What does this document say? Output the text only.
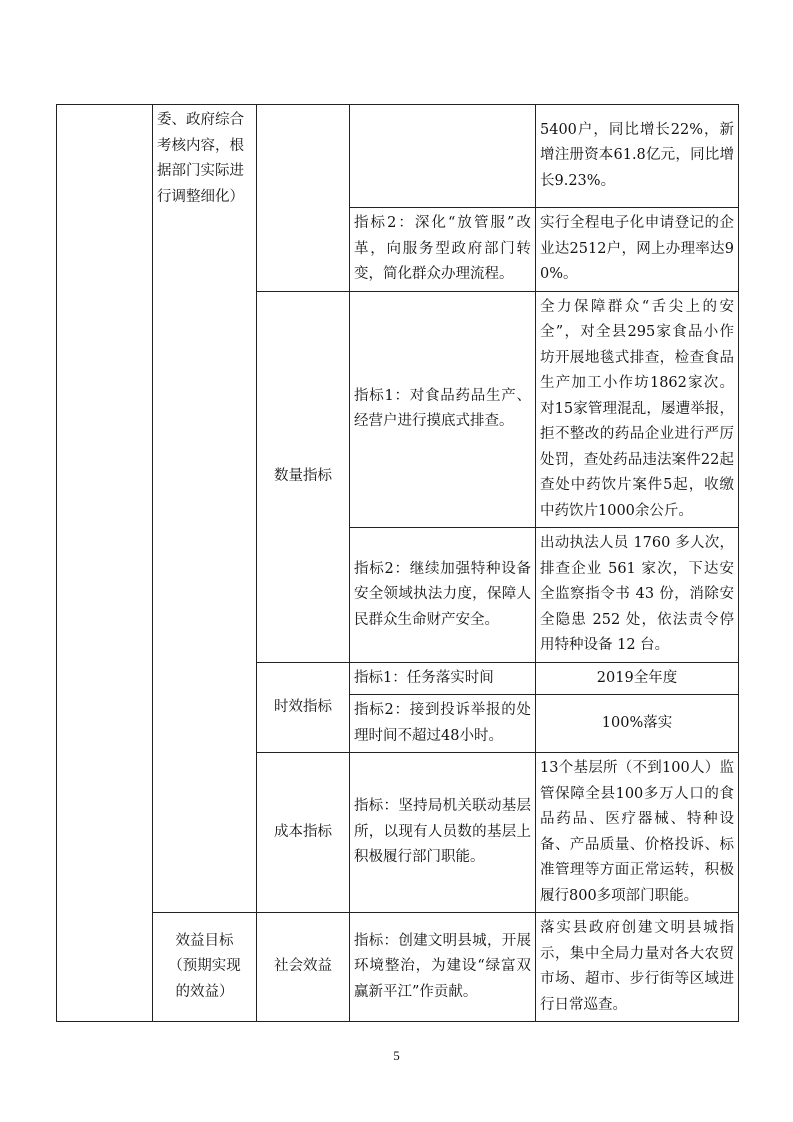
	委、政府综合考核内容，根据部门实际进行调整细化）			5400户，同比增长22%，新增注册资本61.8亿元，同比增长9.23%。
			指标2：深化“放管服”改革，向服务型政府部门转变，简化群众办理流程。	实行全程电子化申请登记的企业达2512户，网上办理率达90%。
		数量指标	指标1：对食品药品生产、经营户进行摸底式排查。	全力保障群众“舌尖上的安全”，对全县295家食品小作坊开展地毯式排查，检查食品生产加工小作坊1862家次。对15家管理混乱，屡遭举报，拒不整改的药品企业进行严厉处罚，查处药品违法案件22起查处中药饮片案件5起，收缴中药饮片1000余公斤。
			指标2：继续加强特种设备安全领域执法力度，保障人民群众生命财产安全。	出动执法人员 1760 多人次，排查企业 561 家次，下达安全监察指令书 43 份，消除安全隐患 252 处，依法责令停用特种设备 12 台。
		时效指标	指标1：任务落实时间	2019全年度
			指标2：接到投诉举报的处理时间不超过48小时。	100%落实
		成本指标	指标：坚持局机关联动基层所，以现有人员数的基层上积极履行部门职能。	13个基层所（不到100人）监管保障全县100多万人口的食品药品、医疗器械、特种设备、产品质量、价格投诉、标准管理等方面正常运转，积极履行800多项部门职能。
	效益目标（预期实现的效益）	社会效益	指标：创建文明县城，开展环境整治，为建设“绿富双赢新平江”作贡献。	落实县政府创建文明县城指示，集中全局力量对各大农贸市场、超市、步行街等区域进行日常巡查。
5
